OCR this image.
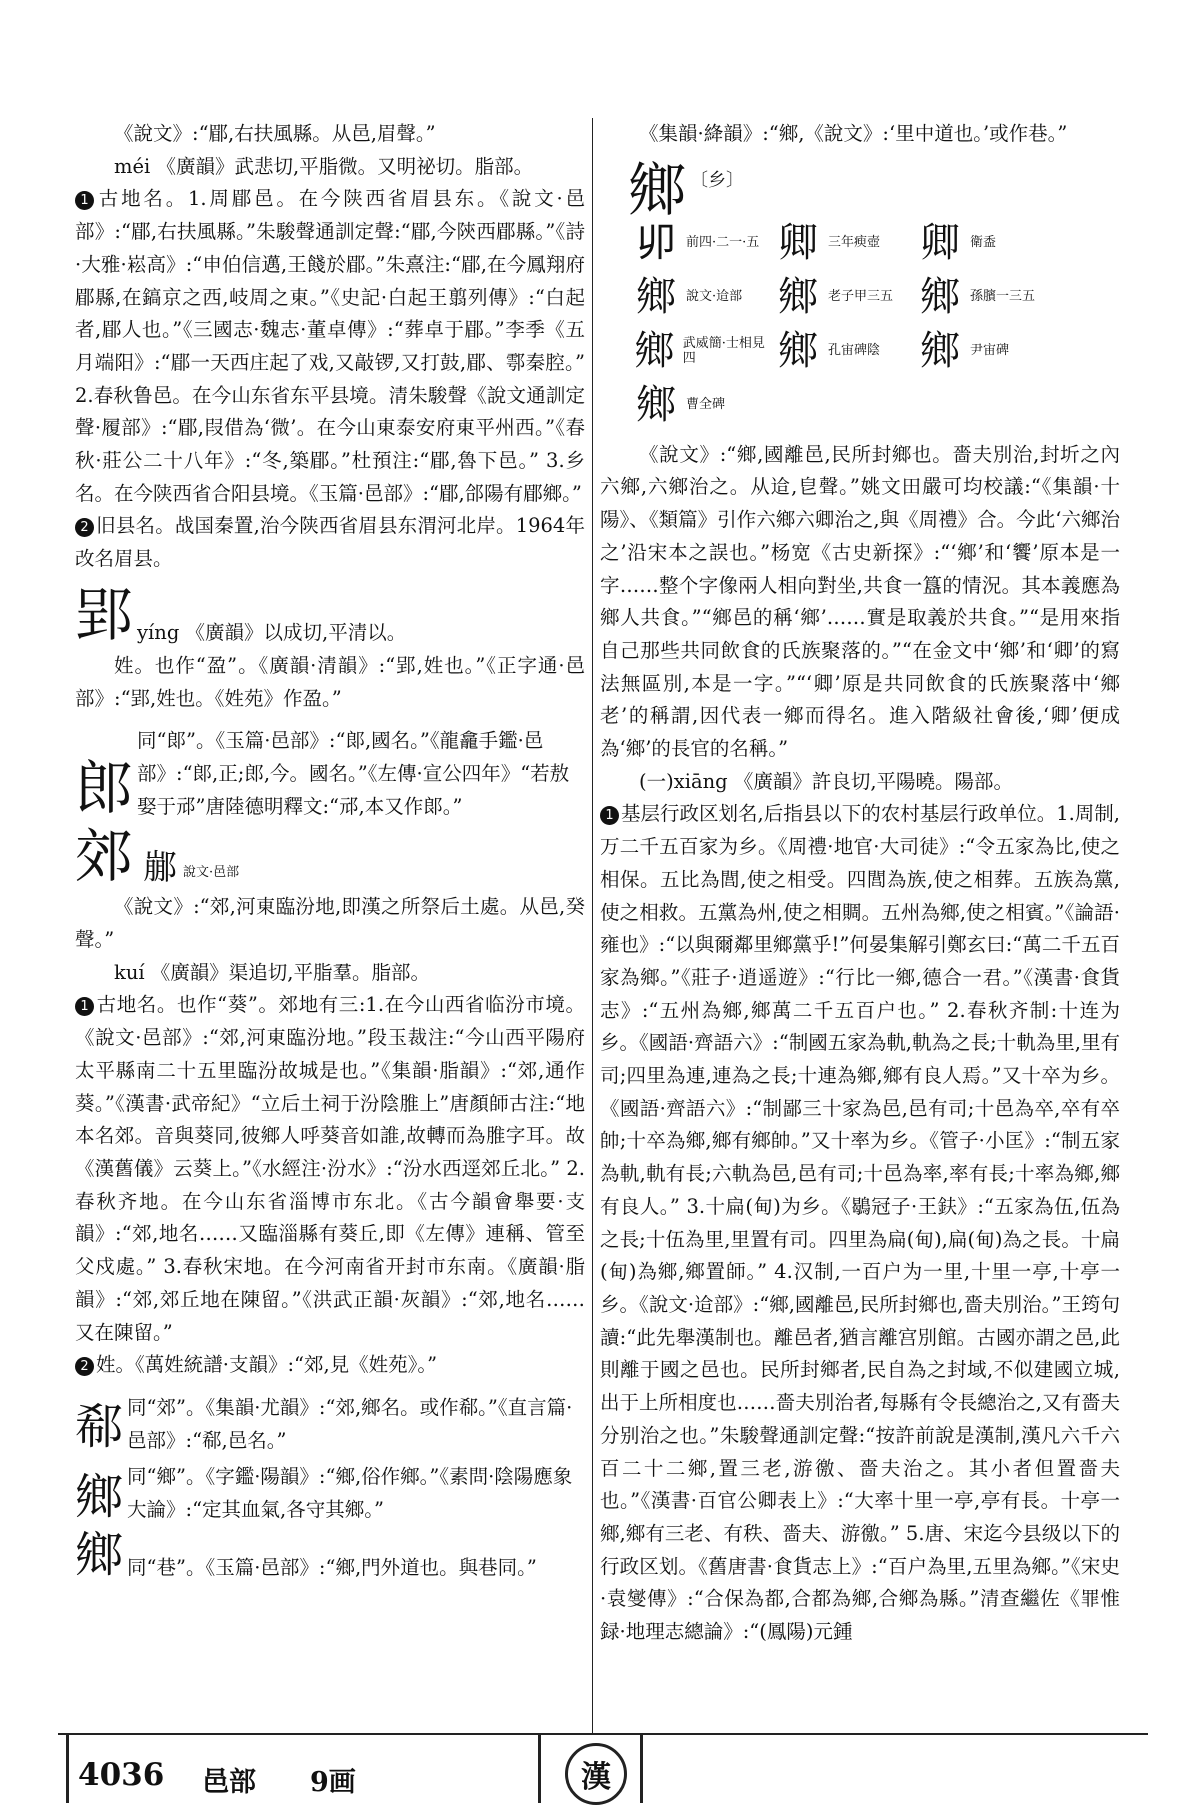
《說文》:“郿,右扶風縣。从邑,眉聲。”

méi 《廣韻》武悲切,平脂微。又明祕切。脂部。

1 古地名。1.周郿邑。在今陕西省眉县东。《說文·邑部》:“郿,右扶風縣。”朱駿聲通訓定聲:“郿,今陝西郿縣。”《詩·大雅·崧高》:“申伯信邁,王餞於郿。”朱熹注:“郿,在今鳳翔府郿縣,在鎬京之西,岐周之東。”《史記·白起王翦列傳》:“白起者,郿人也。”《三國志·魏志·董卓傳》:“葬卓于郿。”李季《五月端阳》:“郿一天西庄起了戏,又敲锣,又打鼓,郿、鄠秦腔。” 2.春秋鲁邑。在今山东省东平县境。清朱駿聲《說文通訓定聲·履部》:“郿,叚借為‘微’。在今山東泰安府東平州西。”《春秋·莊公二十八年》:“冬,築郿。”杜預注:“郿,魯下邑。” 3.乡名。在今陕西省合阳县境。《玉篇·邑部》:“郿,郃陽有郿鄉。”

2 旧县名。战国秦置,治今陕西省眉县东渭河北岸。1964年改名眉县。

郢 yíng 《廣韻》以成切,平清以。

姓。也作“盈”。《廣韻·清韻》:“郢,姓也。”《正字通·邑部》:“郢,姓也。《姓苑》作盈。”

郎
同“郞”。《玉篇·邑部》:“郞,國名。”《龍龕手鑑·邑部》:“郞,正;郎,今。國名。”《左傳·宣公四年》“若敖娶于邧”唐陸德明釋文:“邧,本又作郞。”
郊 䣙 說文·邑部

《說文》:“郊,河東臨汾地,即漢之所祭后土處。从邑,癸聲。”

kuí 《廣韻》渠追切,平脂羣。脂部。

1 古地名。也作“葵”。郊地有三:1.在今山西省临汾市境。《說文·邑部》:“郊,河東臨汾地。”段玉裁注:“今山西平陽府太平縣南二十五里臨汾故城是也。”《集韻·脂韻》:“郊,通作葵。”《漢書·武帝紀》“立后土祠于汾陰脽上”唐顏師古注:“地本名郊。音與葵同,彼鄉人呼葵音如誰,故轉而為脽字耳。故《漢舊儀》云葵上。”《水經注·汾水》:“汾水西逕郊丘北。” 2.春秋齐地。在今山东省淄博市东北。《古今韻會舉要·支韻》:“郊,地名……又臨淄縣有葵丘,即《左傳》連稱、管至父戍處。” 3.春秋宋地。在今河南省开封市东南。《廣韻·脂韻》:“郊,郊丘地在陳留。”《洪武正韻·灰韻》:“郊,地名……又在陳留。”

2 姓。《萬姓統譜·支韻》:“郊,見《姓苑》。”

郗 同“郊”。《集韻·尤韻》:“郊,鄉名。或作郗。”《直言篇·邑部》:“郗,邑名。”
鄉 同“鄉”。《字鑑·陽韻》:“鄉,俗作鄉。”《素問·陰陽應象大論》:“定其血氣,各守其鄉。”
鄉 同“巷”。《玉篇·邑部》:“鄉,門外道也。與巷同。”

《集韻·絳韻》:“鄉,《說文》:‘里中道也。’或作巷。”

鄉 〔乡〕
𠨍 前四·二一·五 卿 三年瘐壺 卿 衛盉
鄉 說文·䢔部 鄉 老子甲三五 鄉 孫臏一三五
鄉 武威簡·士相見四	鄉 孔宙碑陰 鄉 尹宙碑
鄉 曹全碑

《說文》:“鄉,國離邑,民所封鄉也。嗇夫別治,封圻之內六鄉,六鄉治之。从䢔,皀聲。”姚文田嚴可均校議:“《集韻·十陽》、《類篇》引作六鄉六卿治之,與《周禮》合。今此‘六鄉治之’沿宋本之誤也。”杨宽《古史新探》:“‘鄉’和‘饗’原本是一字……整个字像兩人相向對坐,共食一簋的情況。其本義應為鄉人共食。”“鄉邑的稱‘鄉’……實是取義於共食。”“是用來指自己那些共同飲食的氏族聚落的。”“在金文中‘鄉’和‘卿’的寫法無區別,本是一字。”“‘卿’原是共同飲食的氏族聚落中‘鄉老’的稱謂,因代表一鄉而得名。進入階級社會後,‘卿’便成為‘鄉’的長官的名稱。”

(一)xiāng 《廣韻》許良切,平陽曉。陽部。

1 基层行政区划名,后指县以下的农村基层行政单位。1.周制,万二千五百家为乡。《周禮·地官·大司徒》:“令五家為比,使之相保。五比為閭,使之相受。四閭為族,使之相葬。五族為黨,使之相救。五黨為州,使之相賙。五州為鄉,使之相賓。”《論語·雍也》:“以與爾鄰里鄉黨乎!”何晏集解引鄭玄曰:“萬二千五百家為鄉。”《莊子·逍遥遊》:“行比一鄉,德合一君。”《漢書·食貨志》:“五州為鄉,鄉萬二千五百户也。” 2.春秋齐制:十连为乡。《國語·齊語六》:“制國五家為軌,軌為之長;十軌為里,里有司;四里為連,連為之長;十連為鄉,鄉有良人焉。”又十卒为乡。《國語·齊語六》:“制鄙三十家為邑,邑有司;十邑為卒,卒有卒帥;十卒為鄉,鄉有鄉帥。”又十率为乡。《管子·小匡》:“制五家為軌,軌有長;六軌為邑,邑有司;十邑為率,率有長;十率為鄉,鄉有良人。” 3.十扁(甸)为乡。《鶡冠子·王鈇》:“五家為伍,伍為之長;十伍為里,里置有司。四里為扁(甸),扁(甸)為之長。十扁(甸)為鄉,鄉置師。” 4.汉制,一百户为一里,十里一亭,十亭一乡。《說文·䢔部》:“鄉,國離邑,民所封鄉也,嗇夫別治。”王筠句讀:“此先舉漢制也。離邑者,猶言離宫別館。古國亦謂之邑,此則離于國之邑也。民所封鄉者,民自為之封域,不似建國立城,出于上所相度也……嗇夫別治者,每縣有令長總治之,又有嗇夫分别治之也。”朱駿聲通訓定聲:“按許前說是漢制,漢凡六千六百二十二鄉,置三老,游徼、嗇夫治之。其小者但置嗇夫也。”《漢書·百官公卿表上》:“大率十里一亭,亭有長。十亭一鄉,鄉有三老、有秩、嗇夫、游徼。” 5.唐、宋迄今县级以下的行政区划。《舊唐書·食貨志上》:“百户為里,五里為鄉。”《宋史·袁燮傳》:“合保為都,合都為鄉,合鄉為縣。”清查繼佐《罪惟録·地理志總論》:“(鳳陽)元鍾

4036 邑部 9画	漢
